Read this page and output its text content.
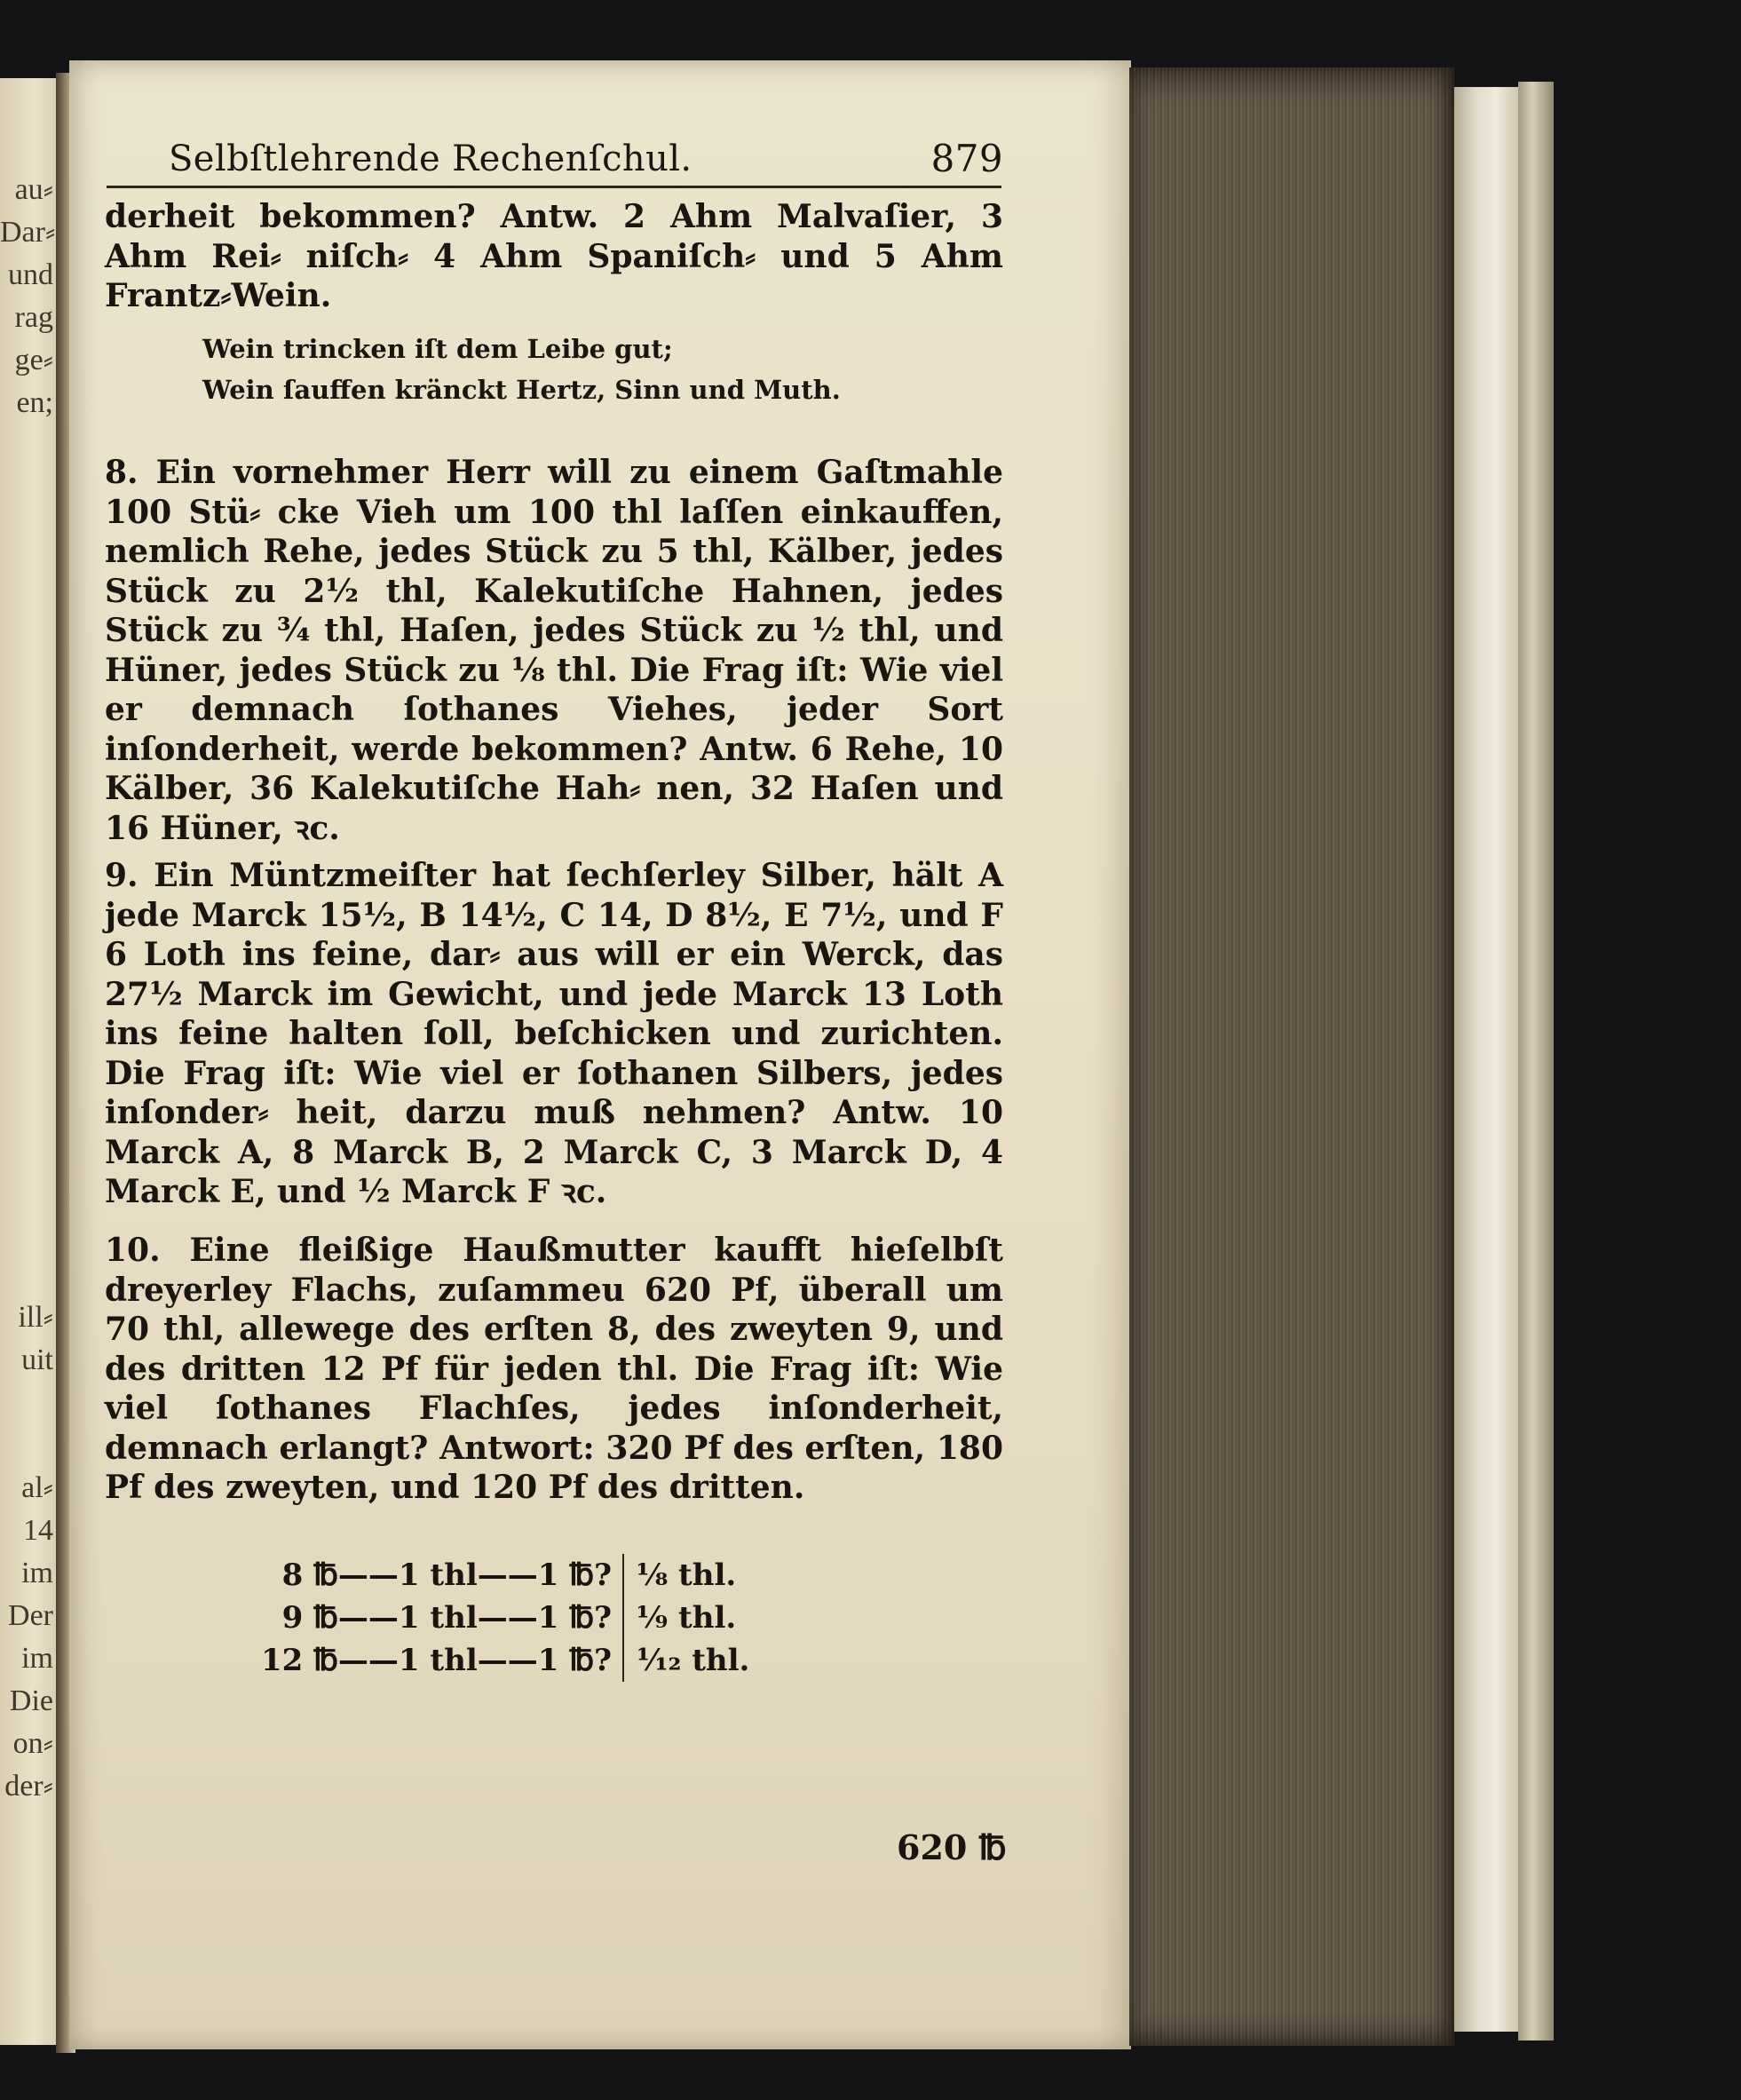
au⸗
Dar⸗
und
rag
ge⸗
en;
ill⸗
uit

al⸗
14
im
Der
im
Die
on⸗
der⸗
Selbſtlehrende Rechenſchul.	879
derheit bekommen? Antw. 2 Ahm Malvaſier, 3 Ahm Rei⸗ niſch⸗ 4 Ahm Spaniſch⸗ und 5 Ahm Frantz⸗Wein.
Wein trincken iſt dem Leibe gut;
Wein ſauffen kränckt Hertz, Sinn und Muth.
8. Ein vornehmer Herr will zu einem Gaſtmahle 100 Stü⸗ cke Vieh um 100 thl laſſen einkauffen, nemlich Rehe, jedes Stück zu 5 thl, Kälber, jedes Stück zu 2½ thl, Kalekutiſche Hahnen, jedes Stück zu ¾ thl, Haſen, jedes Stück zu ½ thl, und Hüner, jedes Stück zu ⅛ thl. Die Frag iſt: Wie viel er demnach ſothanes Viehes, jeder Sort inſonderheit, werde bekommen? Antw. 6 Rehe, 10 Kälber, 36 Kalekutiſche Hah⸗ nen, 32 Haſen und 16 Hüner, ꝛc.
9. Ein Müntzmeiſter hat ſechſerley Silber, hält A jede Marck 15½, B 14½, C 14, D 8½, E 7½, und F 6 Loth ins feine, dar⸗ aus will er ein Werck, das 27½ Marck im Gewicht, und jede Marck 13 Loth ins feine halten ſoll, beſchicken und zurichten. Die Frag iſt: Wie viel er ſothanen Silbers, jedes inſonder⸗ heit, darzu muß nehmen? Antw. 10 Marck A, 8 Marck B, 2 Marck C, 3 Marck D, 4 Marck E, und ½ Marck F ꝛc.
10. Eine fleißige Haußmutter kaufft hieſelbſt dreyerley Flachs, zuſammeu 620 Pf, überall um 70 thl, allewege des erſten 8, des zweyten 9, und des dritten 12 Pf für jeden thl. Die Frag iſt: Wie viel ſothanes Flachſes, jedes inſonderheit, demnach erlangt? Antwort: 320 Pf des erſten, 180 Pf des zweyten, und 120 Pf des dritten.
8 ℔——1 thl——1 ℔? ⅛ thl.
9 ℔——1 thl——1 ℔? ⅑ thl.
12 ℔——1 thl——1 ℔? ¹⁄₁₂ thl.
620 ℔
